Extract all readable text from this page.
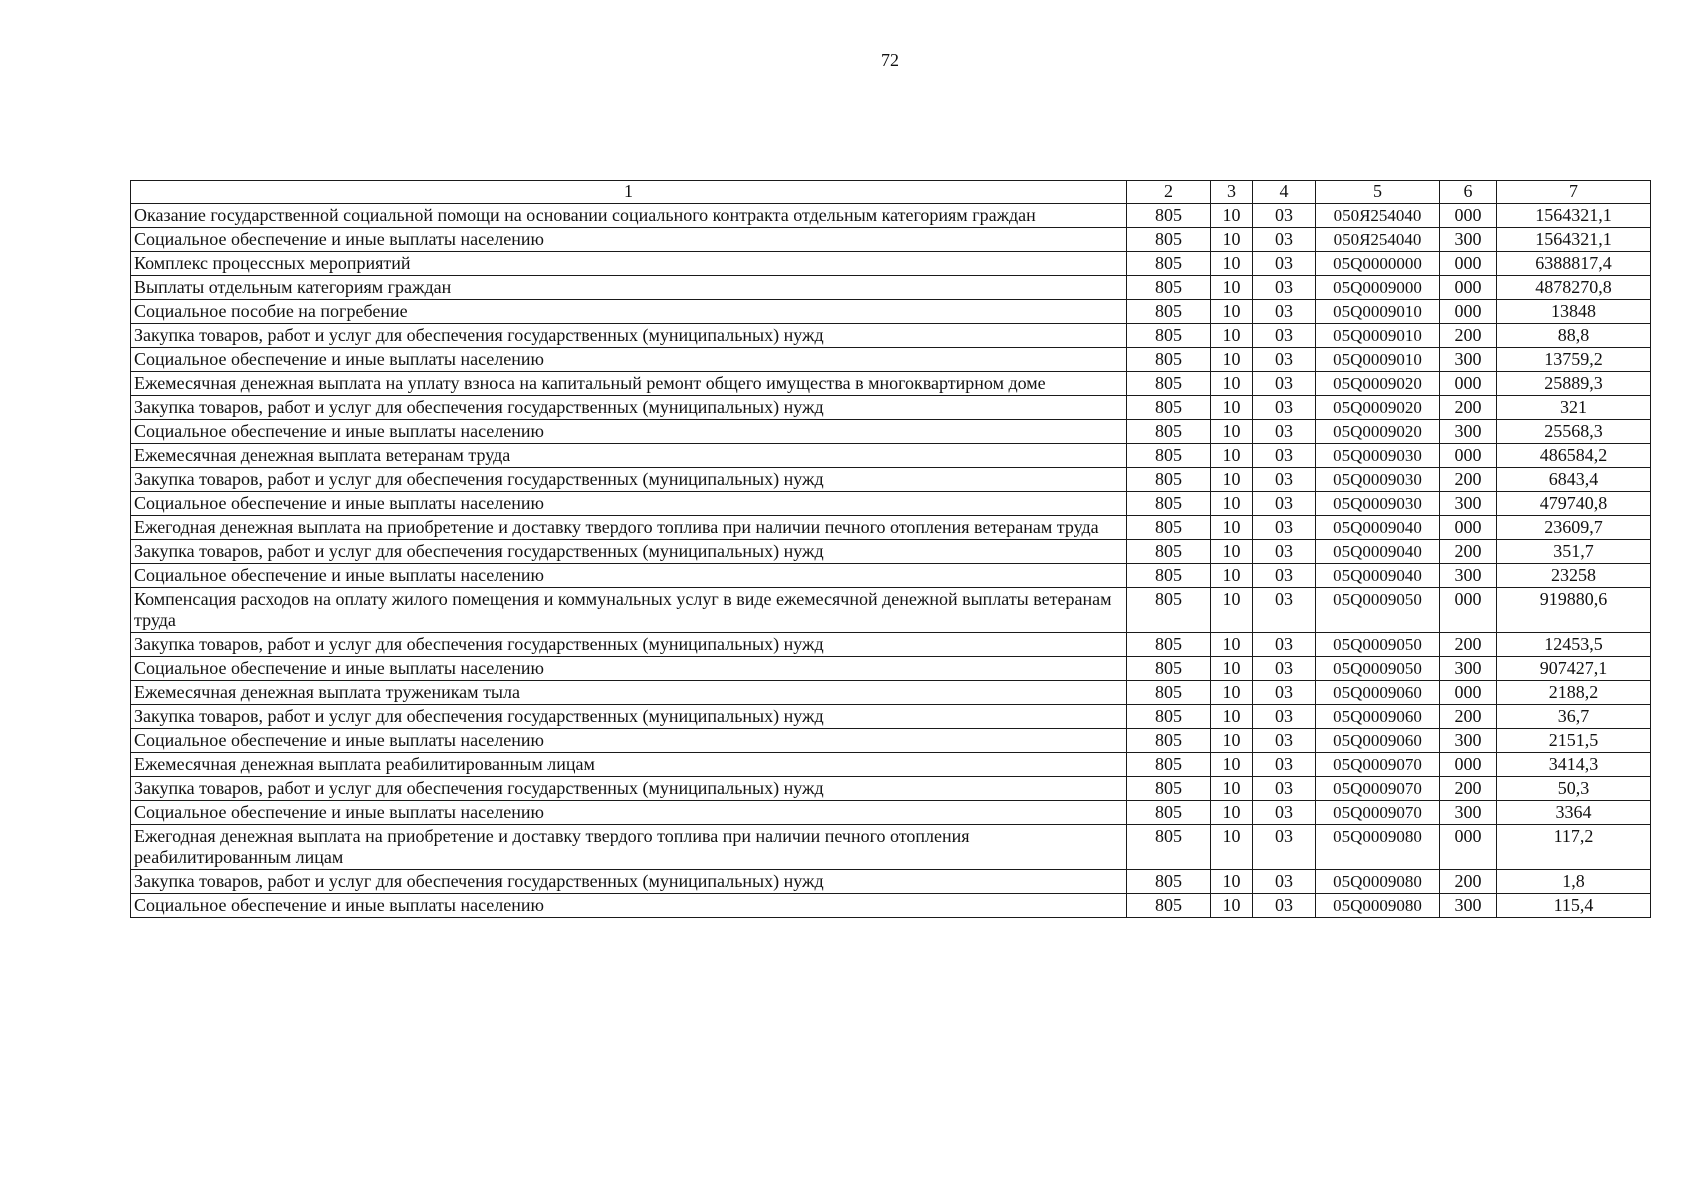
72
1	2	3	4	5	6	7
Оказание государственной социальной помощи на основании социального контракта отдельным категориям граждан	805	10	03	050Я254040	000	1564321,1
Социальное обеспечение и иные выплаты населению	805	10	03	050Я254040	300	1564321,1
Комплекс процессных мероприятий	805	10	03	05Q0000000	000	6388817,4
Выплаты отдельным категориям граждан	805	10	03	05Q0009000	000	4878270,8
Социальное пособие на погребение	805	10	03	05Q0009010	000	13848
Закупка товаров, работ и услуг для обеспечения государственных (муниципальных) нужд	805	10	03	05Q0009010	200	88,8
Социальное обеспечение и иные выплаты населению	805	10	03	05Q0009010	300	13759,2
Ежемесячная денежная выплата на уплату взноса на капитальный ремонт общего имущества в многоквартирном доме	805	10	03	05Q0009020	000	25889,3
Закупка товаров, работ и услуг для обеспечения государственных (муниципальных) нужд	805	10	03	05Q0009020	200	321
Социальное обеспечение и иные выплаты населению	805	10	03	05Q0009020	300	25568,3
Ежемесячная денежная выплата ветеранам труда	805	10	03	05Q0009030	000	486584,2
Закупка товаров, работ и услуг для обеспечения государственных (муниципальных) нужд	805	10	03	05Q0009030	200	6843,4
Социальное обеспечение и иные выплаты населению	805	10	03	05Q0009030	300	479740,8
Ежегодная денежная выплата на приобретение и доставку твердого топлива при наличии печного отопления ветеранам труда	805	10	03	05Q0009040	000	23609,7
Закупка товаров, работ и услуг для обеспечения государственных (муниципальных) нужд	805	10	03	05Q0009040	200	351,7
Социальное обеспечение и иные выплаты населению	805	10	03	05Q0009040	300	23258
Компенсация расходов на оплату жилого помещения и коммунальных услуг в виде ежемесячной денежной выплаты ветеранам труда	805	10	03	05Q0009050	000	919880,6
Закупка товаров, работ и услуг для обеспечения государственных (муниципальных) нужд	805	10	03	05Q0009050	200	12453,5
Социальное обеспечение и иные выплаты населению	805	10	03	05Q0009050	300	907427,1
Ежемесячная денежная выплата труженикам тыла	805	10	03	05Q0009060	000	2188,2
Закупка товаров, работ и услуг для обеспечения государственных (муниципальных) нужд	805	10	03	05Q0009060	200	36,7
Социальное обеспечение и иные выплаты населению	805	10	03	05Q0009060	300	2151,5
Ежемесячная денежная выплата реабилитированным лицам	805	10	03	05Q0009070	000	3414,3
Закупка товаров, работ и услуг для обеспечения государственных (муниципальных) нужд	805	10	03	05Q0009070	200	50,3
Социальное обеспечение и иные выплаты населению	805	10	03	05Q0009070	300	3364
Ежегодная денежная выплата на приобретение и доставку твердого топлива при наличии печного отопления реабилитированным лицам	805	10	03	05Q0009080	000	117,2
Закупка товаров, работ и услуг для обеспечения государственных (муниципальных) нужд	805	10	03	05Q0009080	200	1,8
Социальное обеспечение и иные выплаты населению	805	10	03	05Q0009080	300	115,4
